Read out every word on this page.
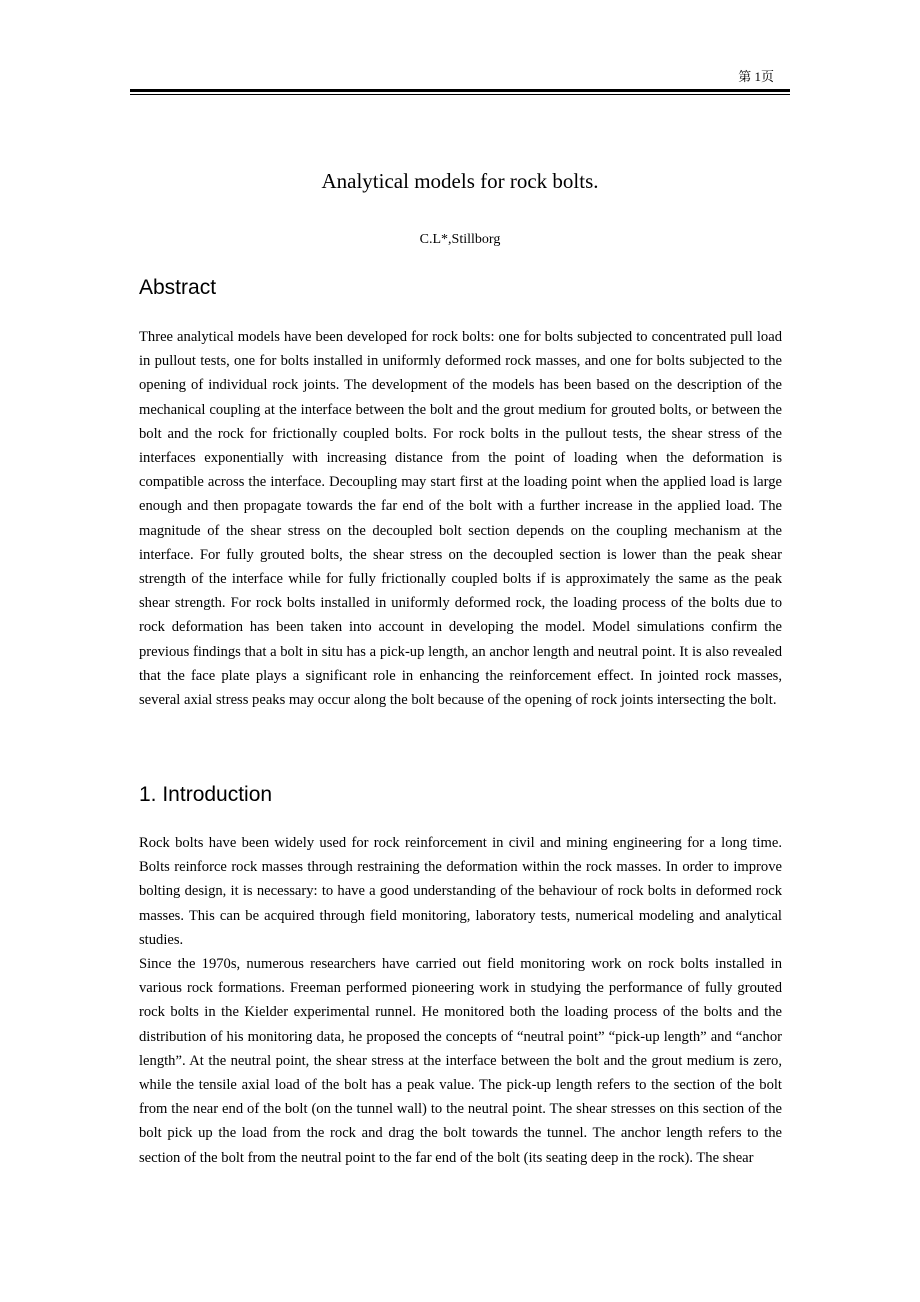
第 1页
Analytical models for rock bolts.
C.L*,Stillborg
Abstract

Three analytical models have been developed for rock bolts: one for bolts subjected to concentrated pull load in pullout tests, one for bolts installed in uniformly deformed rock masses, and one for bolts subjected to the opening of individual rock joints. The development of the models has been based on the description of the mechanical coupling at the interface between the bolt and the grout medium for grouted bolts, or between the bolt and the rock for frictionally coupled bolts. For rock bolts in the pullout tests, the shear stress of the interfaces exponentially with increasing distance from the point of loading when the deformation is compatible across the interface. Decoupling may start first at the loading point when the applied load is large enough and then propagate towards the far end of the bolt with a further increase in the applied load. The magnitude of the shear stress on the decoupled bolt section depends on the coupling mechanism at the interface. For fully grouted bolts, the shear stress on the decoupled section is lower than the peak shear strength of the interface while for fully frictionally coupled bolts if is approximately the same as the peak shear strength. For rock bolts installed in uniformly deformed rock, the loading process of the bolts due to rock deformation has been taken into account in developing the model. Model simulations confirm the previous findings that a bolt in situ has a pick-up length, an anchor length and neutral point. It is also revealed that the face plate plays a significant role in enhancing the reinforcement effect. In jointed rock masses, several axial stress peaks may occur along the bolt because of the opening of rock joints intersecting the bolt.

1. Introduction

Rock bolts have been widely used for rock reinforcement in civil and mining engineering for a long time. Bolts reinforce rock masses through restraining the deformation within the rock masses. In order to improve bolting design, it is necessary: to have a good understanding of the behaviour of rock bolts in deformed rock masses. This can be acquired through field monitoring, laboratory tests, numerical modeling and analytical studies.

Since the 1970s, numerous researchers have carried out field monitoring work on rock bolts installed in various rock formations. Freeman performed pioneering work in studying the performance of fully grouted rock bolts in the Kielder experimental runnel. He monitored both the loading process of the bolts and the distribution of his monitoring data, he proposed the concepts of “neutral point” “pick-up length” and “anchor length”. At the neutral point, the shear stress at the interface between the bolt and the grout medium is zero, while the tensile axial load of the bolt has a peak value. The pick-up length refers to the section of the bolt from the near end of the bolt (on the tunnel wall) to the neutral point. The shear stresses on this section of the bolt pick up the load from the rock and drag the bolt towards the tunnel. The anchor length refers to the section of the bolt from the neutral point to the far end of the bolt (its seating deep in the rock). The shear
